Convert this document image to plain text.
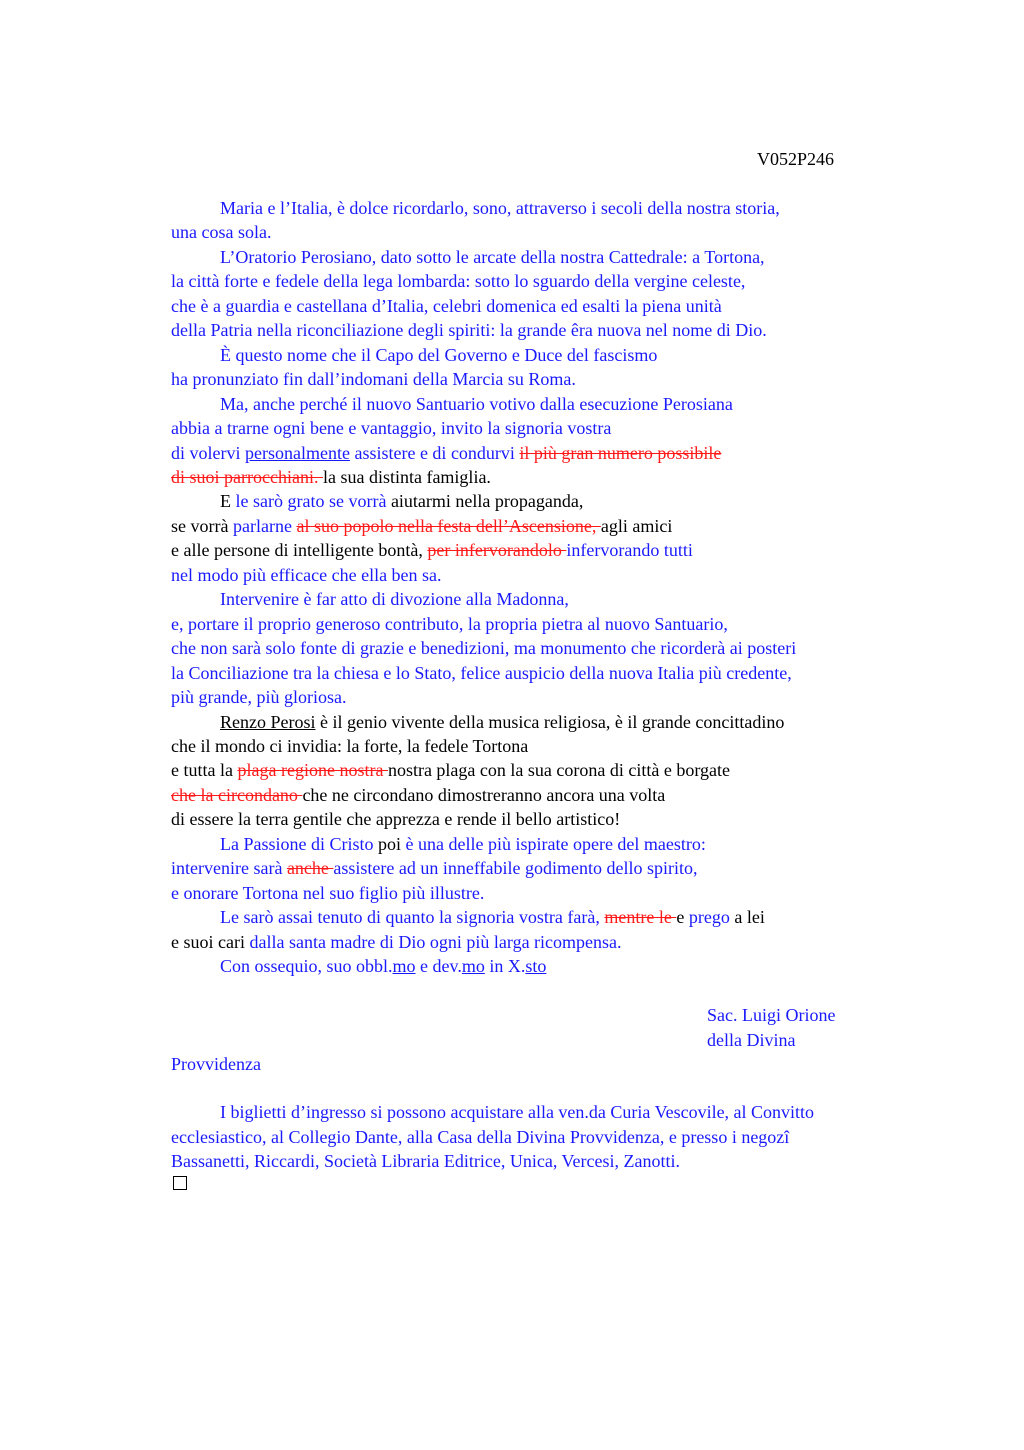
V052P246
Maria e l’Italia, è dolce ricordarlo, sono, attraverso i secoli della nostra storia,
una cosa sola.
L’Oratorio Perosiano, dato sotto le arcate della nostra Cattedrale: a Tortona,
la città forte e fedele della lega lombarda: sotto lo sguardo della vergine celeste,
che è a guardia e castellana d’Italia, celebri domenica ed esalti la piena unità
della Patria nella riconciliazione degli spiriti: la grande êra nuova nel nome di Dio.
È questo nome che il Capo del Governo e Duce del fascismo
ha pronunziato fin dall’indomani della Marcia su Roma.
Ma, anche perché il nuovo Santuario votivo dalla esecuzione Perosiana
abbia a trarne ogni bene e vantaggio, invito la signoria vostra
di volervi personalmente assistere e di condurvi il più gran numero possibile
di suoi parrocchiani. la sua distinta famiglia.
E le sarò grato se vorrà aiutarmi nella propaganda,
se vorrà parlarne al suo popolo nella festa dell’Ascensione, agli amici
e alle persone di intelligente bontà, per infervorandolo infervorando tutti
nel modo più efficace che ella ben sa.
Intervenire è far atto di divozione alla Madonna,
e, portare il proprio generoso contributo, la propria pietra al nuovo Santuario,
che non sarà solo fonte di grazie e benedizioni, ma monumento che ricorderà ai posteri
la Conciliazione tra la chiesa e lo Stato, felice auspicio della nuova Italia più credente,
più grande, più gloriosa.
Renzo Perosi è il genio vivente della musica religiosa, è il grande concittadino
che il mondo ci invidia: la forte, la fedele Tortona
e tutta la plaga regione nostra nostra plaga con la sua corona di città e borgate
che la circondano che ne circondano dimostreranno ancora una volta
di essere la terra gentile che apprezza e rende il bello artistico!
La Passione di Cristo poi è una delle più ispirate opere del maestro:
intervenire sarà anche assistere ad un inneffabile godimento dello spirito,
e onorare Tortona nel suo figlio più illustre.
Le sarò assai tenuto di quanto la signoria vostra farà, mentre le e prego a lei
e suoi cari dalla santa madre di Dio ogni più larga ricompensa.
Con ossequio, suo obbl.mo e dev.mo in X.sto
Sac. Luigi Orione
della Divina
Provvidenza
I biglietti d’ingresso si possono acquistare alla ven.da Curia Vescovile, al Convitto
ecclesiastico, al Collegio Dante, alla Casa della Divina Provvidenza, e presso i negozî
Bassanetti, Riccardi, Società Libraria Editrice, Unica, Vercesi, Zanotti.
